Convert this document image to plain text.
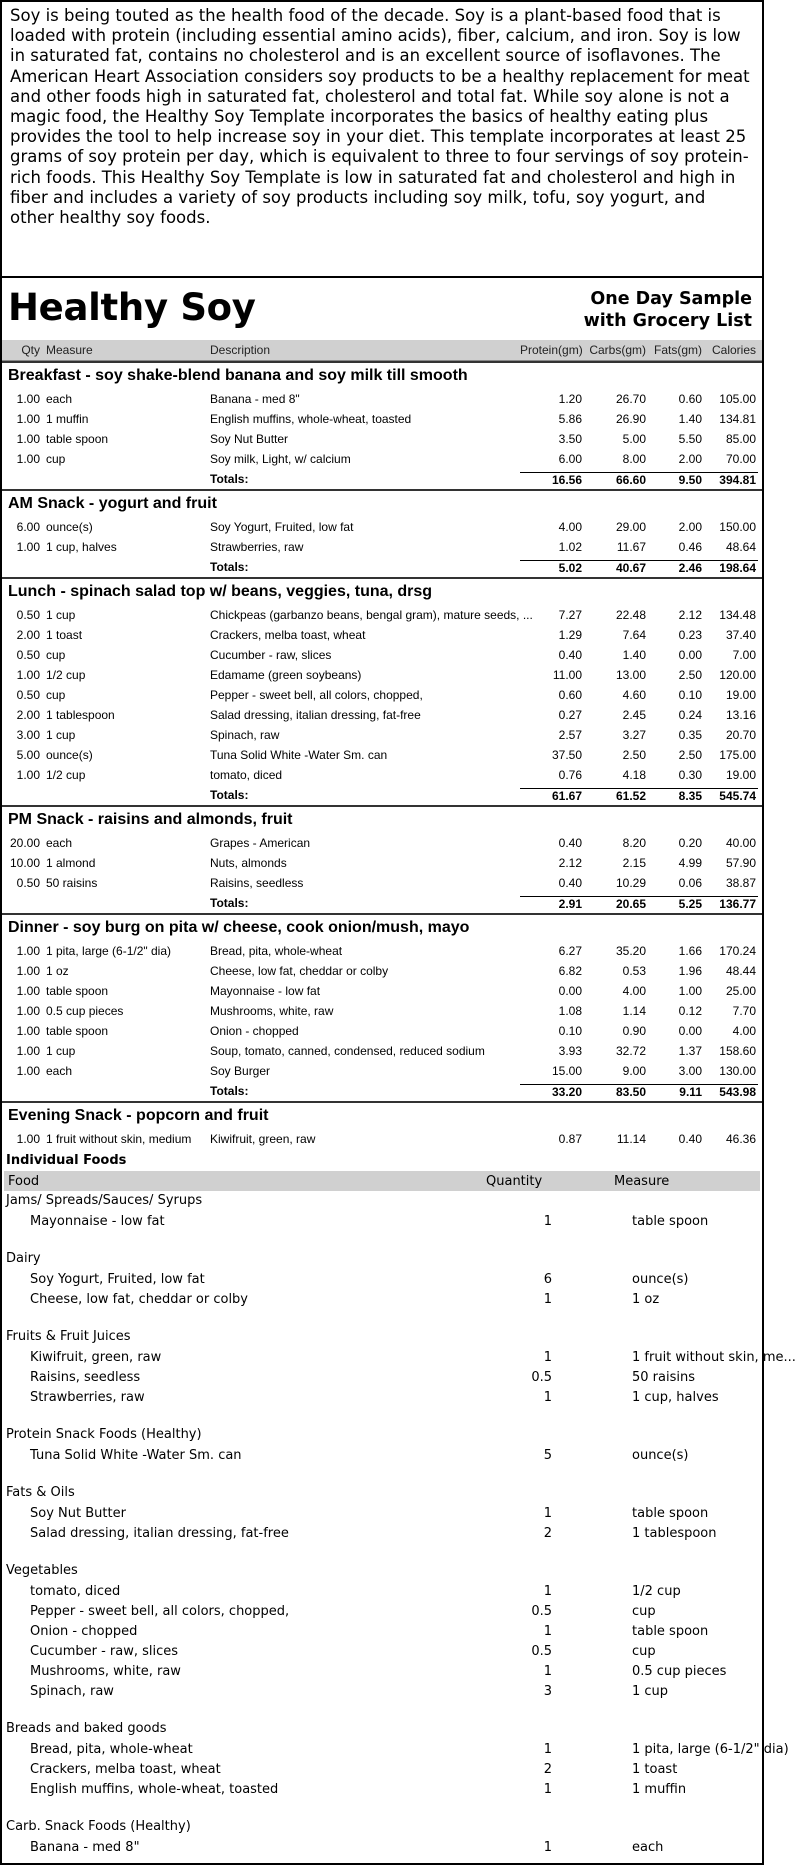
Soy is being touted as the health food of the decade. Soy is a plant-based food that is loaded with protein (including essential amino acids), fiber, calcium, and iron. Soy is low in saturated fat, contains no cholesterol and is an excellent source of isoflavones. The American Heart Association considers soy products to be a healthy replacement for meat and other foods high in saturated fat, cholesterol and total fat. While soy alone is not a magic food, the Healthy Soy Template incorporates the basics of healthy eating plus provides the tool to help increase soy in your diet. This template incorporates at least 25 grams of soy protein per day, which is equivalent to three to four servings of soy protein-rich foods. This Healthy Soy Template is low in saturated fat and cholesterol and high in fiber and includes a variety of soy products including soy milk, tofu, soy yogurt, and other healthy soy foods.
Healthy Soy	One Day Sample
with Grocery List
Qty Measure	Description	Protein(gm) Carbs(gm) Fats(gm) Calories
Breakfast - soy shake-blend banana and soy milk till smooth
1.00 each	Banana - med 8"	1.20	26.70	0.60	105.00
1.00 1 muffin	English muffins, whole-wheat, toasted	5.86	26.90	1.40	134.81
1.00 table spoon	Soy Nut Butter	3.50	5.00	5.50	85.00
1.00 cup	Soy milk, Light, w/ calcium	6.00	8.00	2.00	70.00
Totals:	16.56	66.60	9.50	394.81
AM Snack - yogurt and fruit
6.00 ounce(s)	Soy Yogurt, Fruited, low fat	4.00	29.00	2.00	150.00
1.00 1 cup, halves	Strawberries, raw	1.02	11.67	0.46	48.64
Totals:	5.02	40.67	2.46	198.64
Lunch - spinach salad top w/ beans, veggies, tuna, drsg
0.50 1 cup	Chickpeas (garbanzo beans, bengal gram), mature seeds, ...	7.27	22.48	2.12	134.48
2.00 1 toast	Crackers, melba toast, wheat	1.29	7.64	0.23	37.40
0.50 cup	Cucumber - raw, slices	0.40	1.40	0.00	7.00
1.00 1/2 cup	Edamame (green soybeans)	11.00	13.00	2.50	120.00
0.50 cup	Pepper - sweet bell, all colors, chopped,	0.60	4.60	0.10	19.00
2.00 1 tablespoon	Salad dressing, italian dressing, fat-free	0.27	2.45	0.24	13.16
3.00 1 cup	Spinach, raw	2.57	3.27	0.35	20.70
5.00 ounce(s)	Tuna Solid White -Water Sm. can	37.50	2.50	2.50	175.00
1.00 1/2 cup	tomato, diced	0.76	4.18	0.30	19.00
Totals:	61.67	61.52	8.35	545.74
PM Snack - raisins and almonds, fruit
20.00 each	Grapes - American	0.40	8.20	0.20	40.00
10.00 1 almond	Nuts, almonds	2.12	2.15	4.99	57.90
0.50 50 raisins	Raisins, seedless	0.40	10.29	0.06	38.87
Totals:	2.91	20.65	5.25	136.77
Dinner - soy burg on pita w/ cheese, cook onion/mush, mayo
1.00 1 pita, large (6-1/2" dia)	Bread, pita, whole-wheat	6.27	35.20	1.66	170.24
1.00 1 oz	Cheese, low fat, cheddar or colby	6.82	0.53	1.96	48.44
1.00 table spoon	Mayonnaise - low fat	0.00	4.00	1.00	25.00
1.00 0.5 cup pieces	Mushrooms, white, raw	1.08	1.14	0.12	7.70
1.00 table spoon	Onion - chopped	0.10	0.90	0.00	4.00
1.00 1 cup	Soup, tomato, canned, condensed, reduced sodium	3.93	32.72	1.37	158.60
1.00 each	Soy Burger	15.00	9.00	3.00	130.00
Totals:	33.20	83.50	9.11	543.98
Evening Snack - popcorn and fruit
1.00 1 fruit without skin, medium	Kiwifruit, green, raw	0.87	11.14	0.40	46.36
Individual Foods
Food	Quantity	Measure
Jams/ Spreads/Sauces/ Syrups
Mayonnaise - low fat	1	table spoon
Dairy
Soy Yogurt, Fruited, low fat	6	ounce(s)
Cheese, low fat, cheddar or colby	1	1 oz
Fruits & Fruit Juices
Kiwifruit, green, raw	1	1 fruit without skin, me...
Raisins, seedless	0.5	50 raisins
Strawberries, raw	1	1 cup, halves
Protein Snack Foods (Healthy)
Tuna Solid White -Water Sm. can	5	ounce(s)
Fats & Oils
Soy Nut Butter	1	table spoon
Salad dressing, italian dressing, fat-free	2	1 tablespoon
Vegetables
tomato, diced	1	1/2 cup
Pepper - sweet bell, all colors, chopped,	0.5	cup
Onion - chopped	1	table spoon
Cucumber - raw, slices	0.5	cup
Mushrooms, white, raw	1	0.5 cup pieces
Spinach, raw	3	1 cup
Breads and baked goods
Bread, pita, whole-wheat	1	1 pita, large (6-1/2" dia)
Crackers, melba toast, wheat	2	1 toast
English muffins, whole-wheat, toasted	1	1 muffin
Carb. Snack Foods (Healthy)
Banana - med 8"	1	each
